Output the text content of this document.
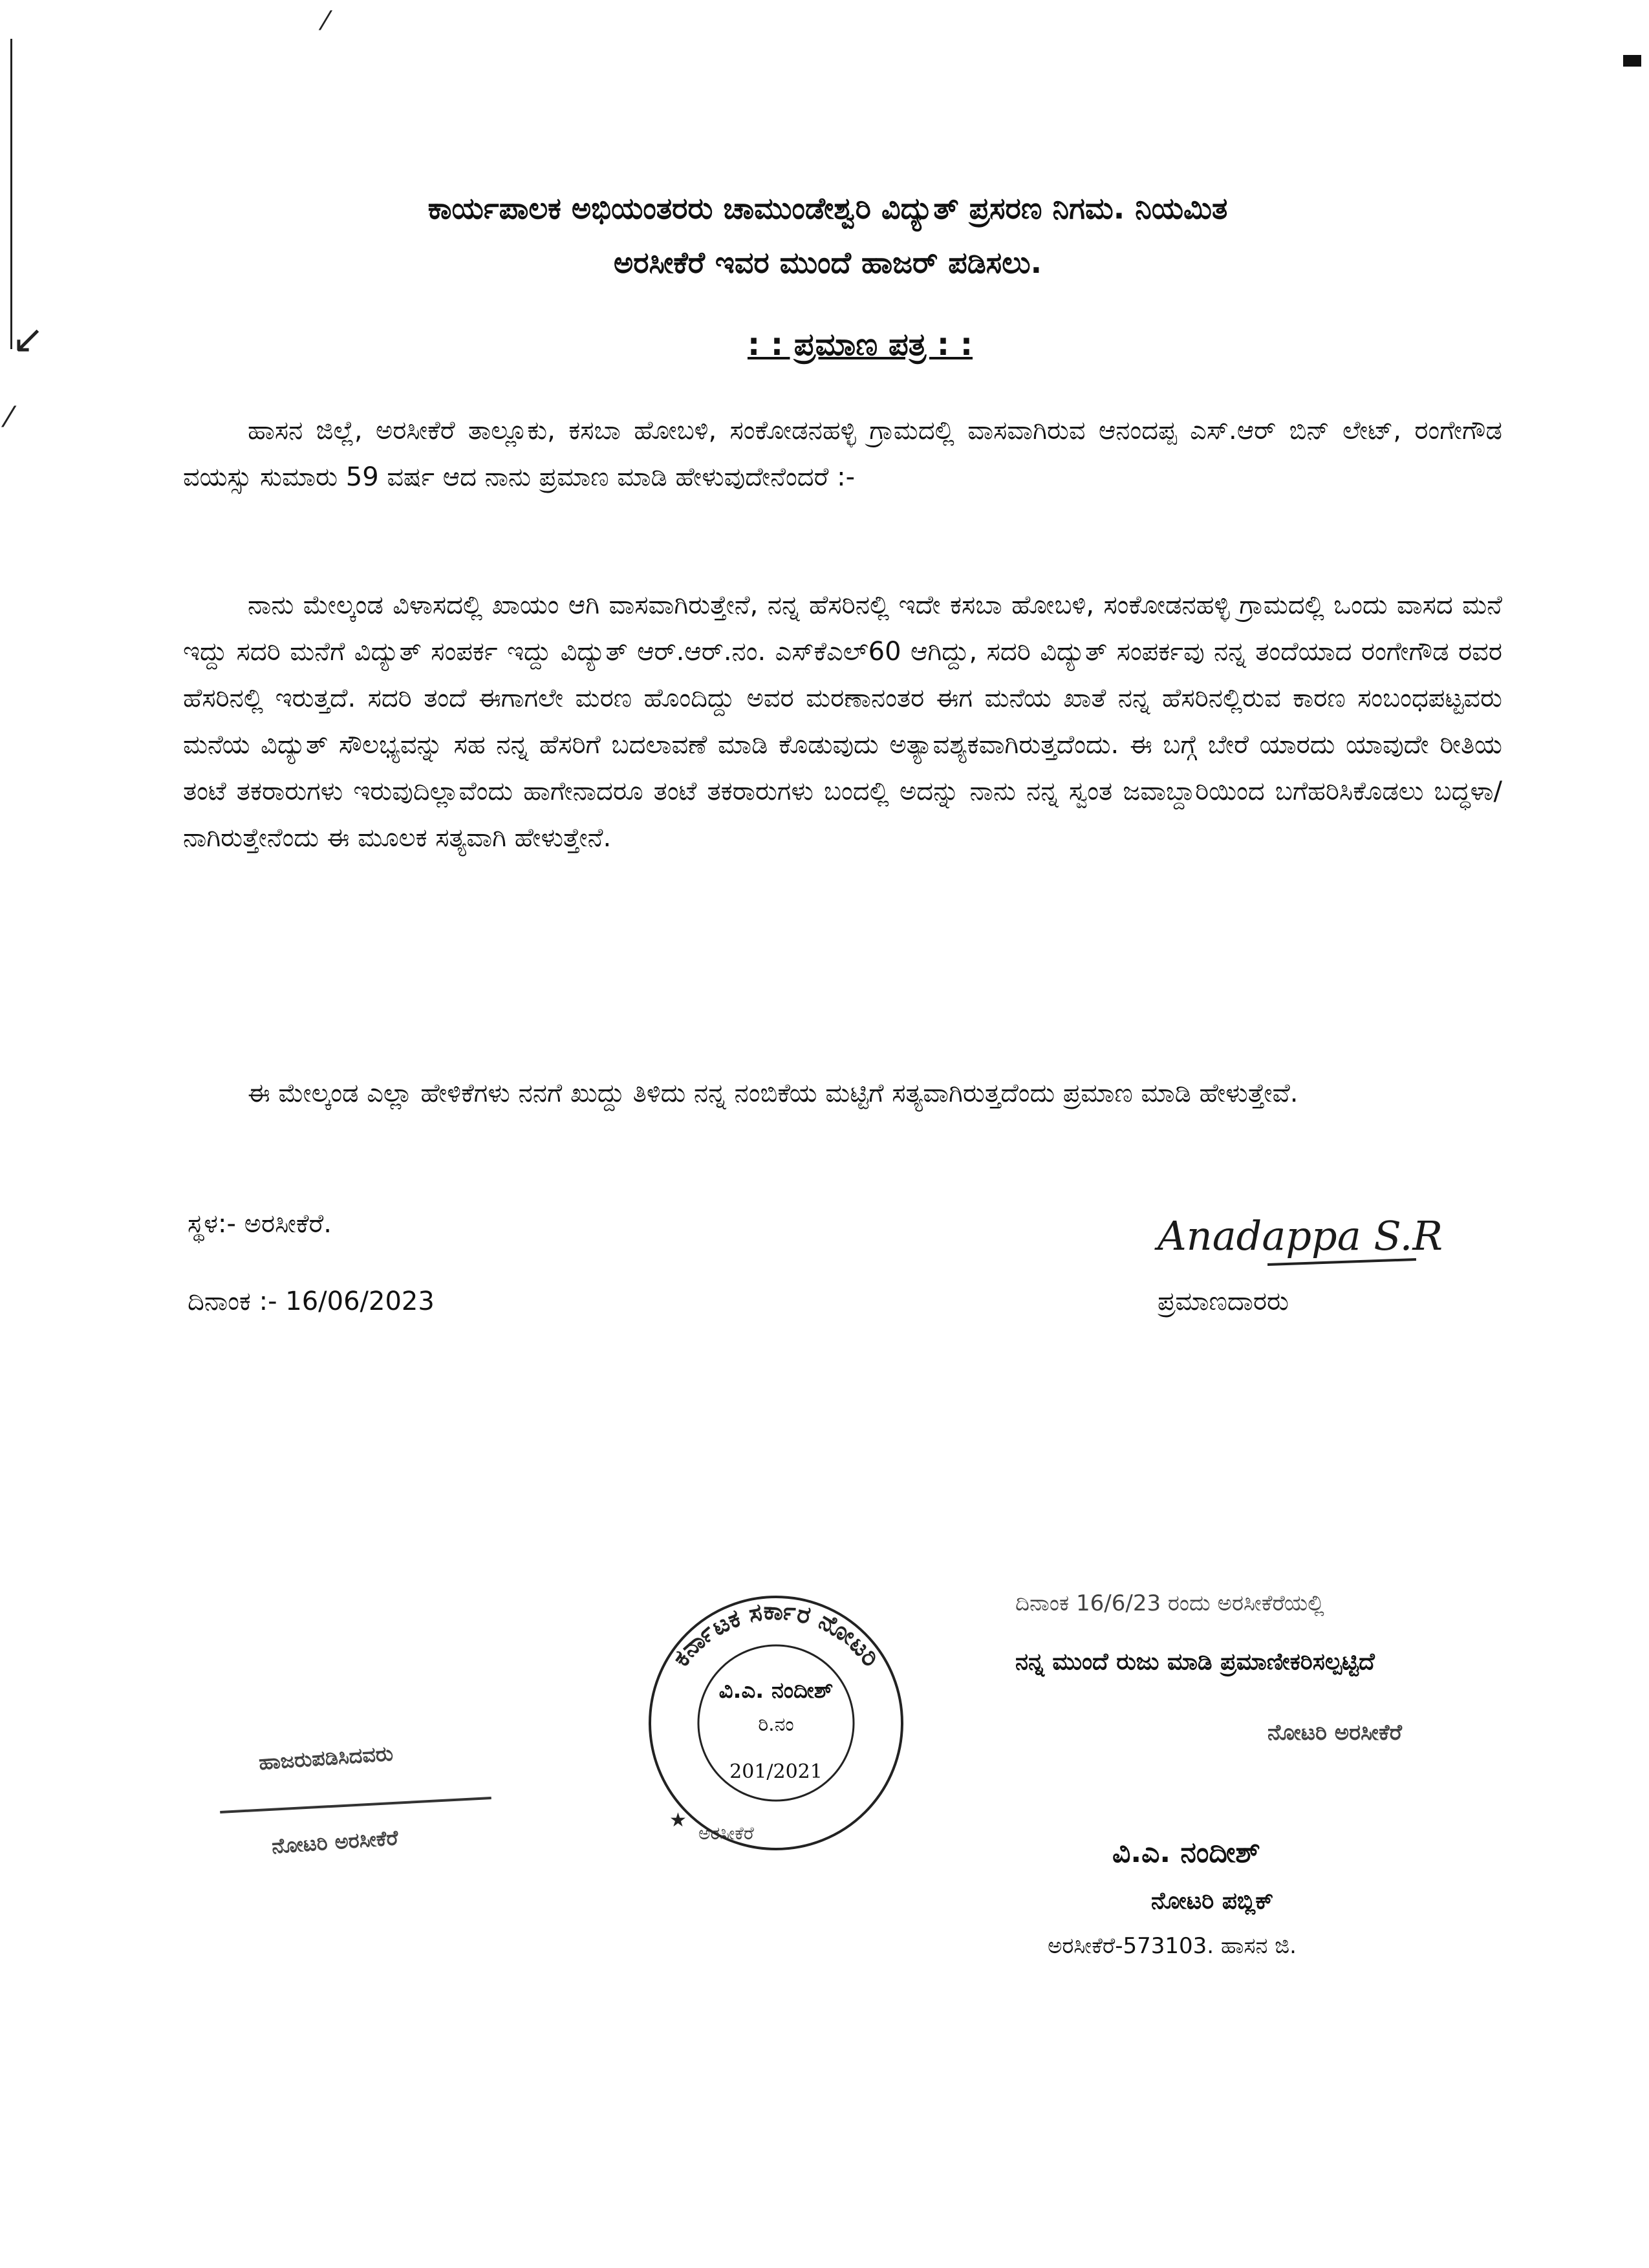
⁄
↙
⁄
ಕಾರ್ಯಪಾಲಕ ಅಭಿಯಂತರರು ಚಾಮುಂಡೇಶ್ವರಿ ವಿದ್ಯುತ್ ಪ್ರಸರಣ ನಿಗಮ. ನಿಯಮಿತ
ಅರಸೀಕೆರೆ ಇವರ ಮುಂದೆ ಹಾಜರ್ ಪಡಿಸಲು.
: : ಪ್ರಮಾಣ ಪತ್ರ : :

ಹಾಸನ ಜಿಲ್ಲೆ, ಅರಸೀಕೆರೆ ತಾಲ್ಲೂಕು, ಕಸಬಾ ಹೋಬಳಿ, ಸಂಕೋಡನಹಳ್ಳಿ ಗ್ರಾಮದಲ್ಲಿ ವಾಸವಾಗಿರುವ ಆನಂದಪ್ಪ ಎಸ್.ಆರ್ ಬಿನ್ ಲೇಟ್, ರಂಗೇಗೌಡ ವಯಸ್ಸು ಸುಮಾರು 59 ವರ್ಷ ಆದ ನಾನು ಪ್ರಮಾಣ ಮಾಡಿ ಹೇಳುವುದೇನೆಂದರೆ :-

ನಾನು ಮೇಲ್ಕಂಡ ವಿಳಾಸದಲ್ಲಿ ಖಾಯಂ ಆಗಿ ವಾಸವಾಗಿರುತ್ತೇನೆ, ನನ್ನ ಹೆಸರಿನಲ್ಲಿ ಇದೇ ಕಸಬಾ ಹೋಬಳಿ, ಸಂಕೋಡನಹಳ್ಳಿ ಗ್ರಾಮದಲ್ಲಿ ಒಂದು ವಾಸದ ಮನೆ ಇದ್ದು ಸದರಿ ಮನೆಗೆ ವಿದ್ಯುತ್ ಸಂಪರ್ಕ ಇದ್ದು ವಿದ್ಯುತ್ ಆರ್.ಆರ್.ನಂ. ಎಸ್‌ಕೆಎಲ್60 ಆಗಿದ್ದು, ಸದರಿ ವಿದ್ಯುತ್ ಸಂಪರ್ಕವು ನನ್ನ ತಂದೆಯಾದ ರಂಗೇಗೌಡ ರವರ ಹೆಸರಿನಲ್ಲಿ ಇರುತ್ತದೆ. ಸದರಿ ತಂದೆ ಈಗಾಗಲೇ ಮರಣ ಹೊಂದಿದ್ದು ಅವರ ಮರಣಾನಂತರ ಈಗ ಮನೆಯ ಖಾತೆ ನನ್ನ ಹೆಸರಿನಲ್ಲಿರುವ ಕಾರಣ ಸಂಬಂಧಪಟ್ಟವರು ಮನೆಯ ವಿದ್ಯುತ್ ಸೌಲಭ್ಯವನ್ನು ಸಹ ನನ್ನ ಹೆಸರಿಗೆ ಬದಲಾವಣೆ ಮಾಡಿ ಕೊಡುವುದು ಅತ್ಯಾವಶ್ಯಕವಾಗಿರುತ್ತದೆಂದು. ಈ ಬಗ್ಗೆ ಬೇರೆ ಯಾರದು ಯಾವುದೇ ರೀತಿಯ ತಂಟೆ ತಕರಾರುಗಳು ಇರುವುದಿಲ್ಲಾವೆಂದು ಹಾಗೇನಾದರೂ ತಂಟೆ ತಕರಾರುಗಳು ಬಂದಲ್ಲಿ ಅದನ್ನು ನಾನು ನನ್ನ ಸ್ವಂತ ಜವಾಬ್ದಾರಿಯಿಂದ ಬಗೆಹರಿಸಿಕೊಡಲು ಬದ್ಧಳಾ/ನಾಗಿರುತ್ತೇನೆಂದು ಈ ಮೂಲಕ ಸತ್ಯವಾಗಿ ಹೇಳುತ್ತೇನೆ.

ಈ ಮೇಲ್ಕಂಡ ಎಲ್ಲಾ ಹೇಳಿಕೆಗಳು ನನಗೆ ಖುದ್ದು ತಿಳಿದು ನನ್ನ ನಂಬಿಕೆಯ ಮಟ್ಟಿಗೆ ಸತ್ಯವಾಗಿರುತ್ತದೆಂದು ಪ್ರಮಾಣ ಮಾಡಿ ಹೇಳುತ್ತೇವೆ.

ಸ್ಥಳ:- ಅರಸೀಕೆರೆ.
ದಿನಾಂಕ :- 16/06/2023
Anadappa S.R
ಪ್ರಮಾಣದಾರರು
ಹಾಜರುಪಡಿಸಿದವರು
ನೋಟರಿ ಅರಸೀಕೆರೆ
ಕರ್ನಾಟಕ ಸರ್ಕಾರ ನೋಟರಿ
ಅರಸೀಕೆರೆ
★
ವಿ.ಎ. ನಂದೀಶ್
ರಿ.ನಂ
201/2021
ದಿನಾಂಕ 16/6/23 ರಂದು ಅರಸೀಕೆರೆಯಲ್ಲಿ
ನನ್ನ ಮುಂದೆ ರುಜು ಮಾಡಿ ಪ್ರಮಾಣೀಕರಿಸಲ್ಪಟ್ಟಿದೆ
ನೋಟರಿ ಅರಸೀಕೆರೆ
ವಿ.ಎ. ನಂದೀಶ್
ನೋಟರಿ ಪಬ್ಲಿಕ್
ಅರಸೀಕೆರೆ-573103. ಹಾಸನ ಜಿ.
